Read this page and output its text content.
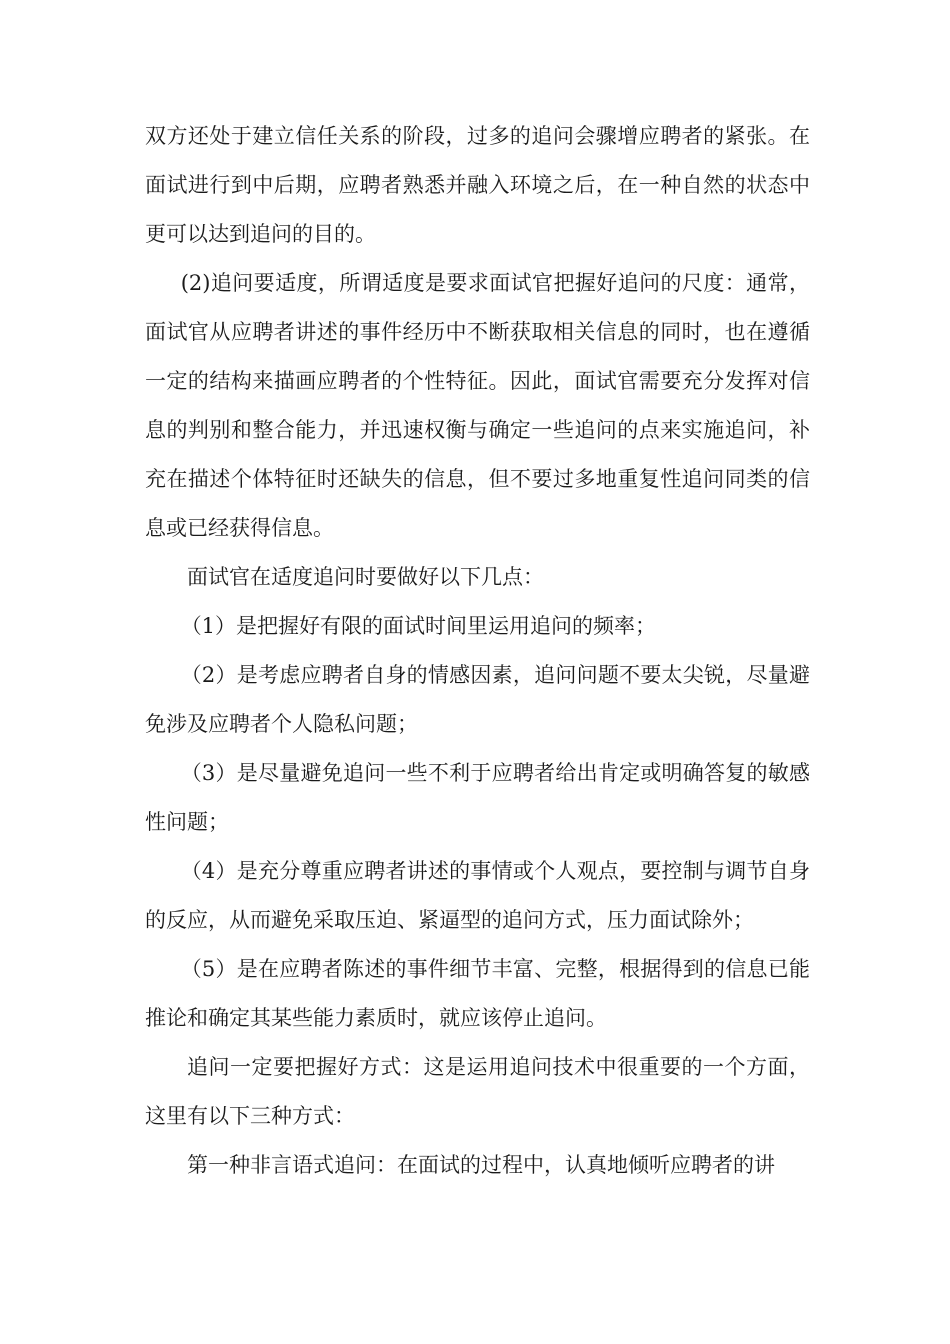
双方还处于建立信任关系的阶段，过多的追问会骤增应聘者的紧张。在面试进行到中后期，应聘者熟悉并融入环境之后，在一种自然的状态中更可以达到追问的目的。

(2)追问要适度，所谓适度是要求面试官把握好追问的尺度：通常，面试官从应聘者讲述的事件经历中不断获取相关信息的同时，也在遵循一定的结构来描画应聘者的个性特征。因此，面试官需要充分发挥对信息的判别和整合能力，并迅速权衡与确定一些追问的点来实施追问，补充在描述个体特征时还缺失的信息，但不要过多地重复性追问同类的信息或已经获得信息。

面试官在适度追问时要做好以下几点：

（1）是把握好有限的面试时间里运用追问的频率；

（2）是考虑应聘者自身的情感因素，追问问题不要太尖锐，尽量避免涉及应聘者个人隐私问题；

（3）是尽量避免追问一些不利于应聘者给出肯定或明确答复的敏感性问题；

（4）是充分尊重应聘者讲述的事情或个人观点，要控制与调节自身的反应，从而避免采取压迫、紧逼型的追问方式，压力面试除外；

（5）是在应聘者陈述的事件细节丰富、完整，根据得到的信息已能推论和确定其某些能力素质时，就应该停止追问。

追问一定要把握好方式：这是运用追问技术中很重要的一个方面，这里有以下三种方式：

第一种非言语式追问：在面试的过程中，认真地倾听应聘者的讲
